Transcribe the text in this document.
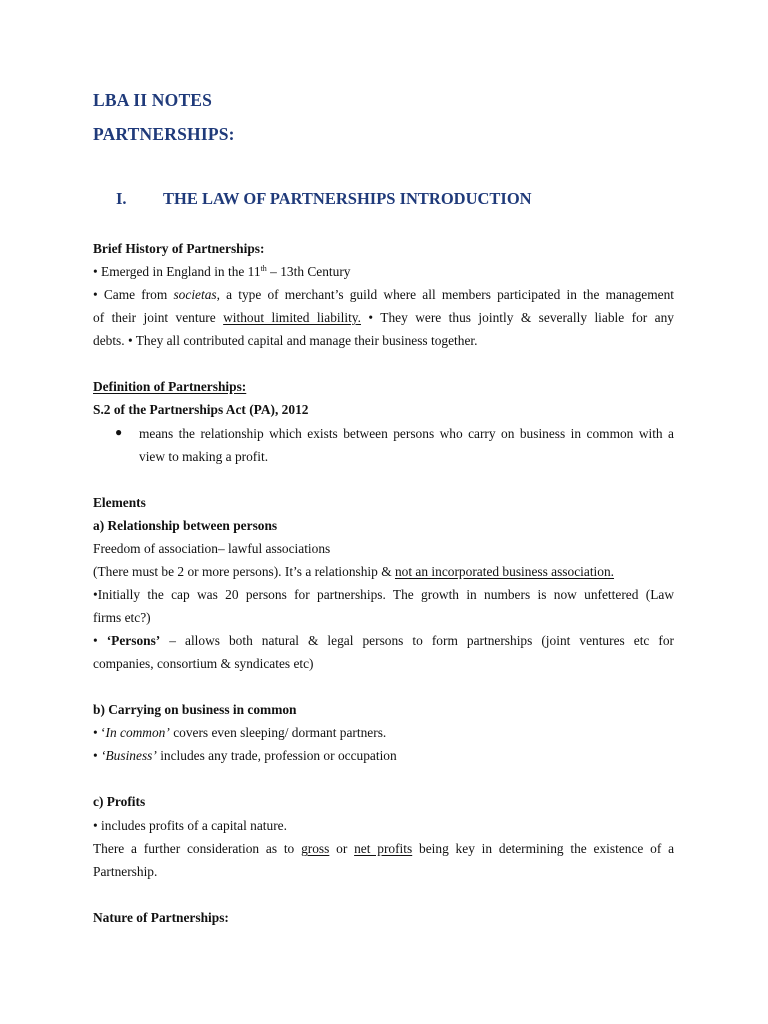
LBA II NOTES
PARTNERSHIPS:
I. THE LAW OF PARTNERSHIPS INTRODUCTION
Brief History of Partnerships:
• Emerged in England in the 11th – 13th Century
• Came from societas, a type of merchant’s guild where all members participated in the management
of their joint venture without limited liability. • They were thus jointly & severally liable for any
debts. • They all contributed capital and manage their business together.
Definition of Partnerships:
S.2 of the Partnerships Act (PA), 2012
● means the relationship which exists between persons who carry on business in common with a
view to making a profit.
Elements
a) Relationship between persons
Freedom of association– lawful associations
(There must be 2 or more persons). It’s a relationship & not an incorporated business association.
•Initially the cap was 20 persons for partnerships. The growth in numbers is now unfettered (Law
firms etc?)
• ‘Persons’ – allows both natural & legal persons to form partnerships (joint ventures etc for
companies, consortium & syndicates etc)
b) Carrying on business in common
• ‘In common’ covers even sleeping/ dormant partners.
• ‘Business’ includes any trade, profession or occupation
c) Profits
• includes profits of a capital nature.
There a further consideration as to gross or net profits being key in determining the existence of a
Partnership.
Nature of Partnerships:
